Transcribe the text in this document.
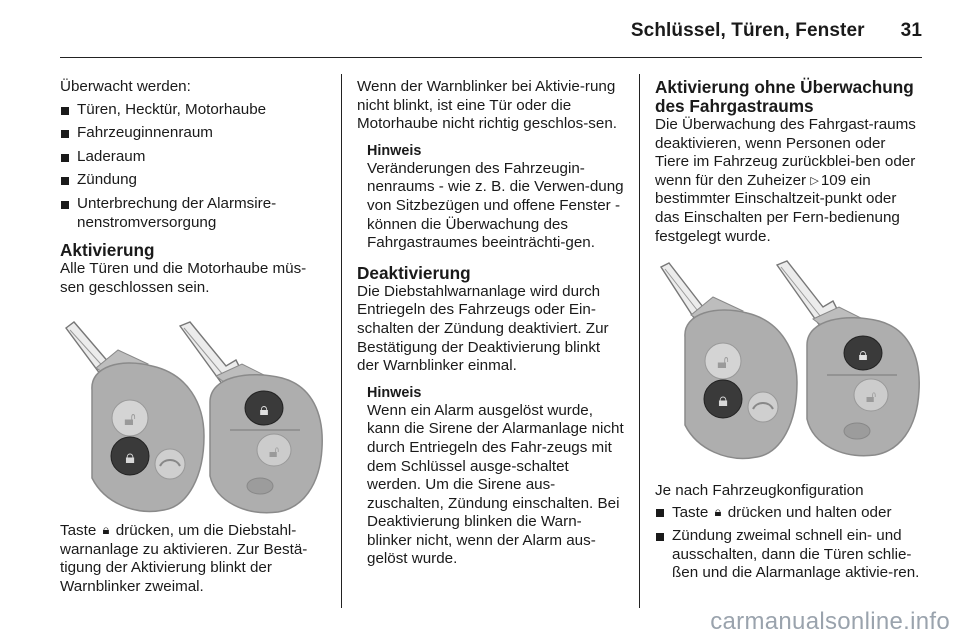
Schlüssel, Türen, Fenster 31

Überwacht werden:

Türen, Hecktür, Motorhaube
Fahrzeuginnenraum
Laderaum
Zündung
Unterbrechung der Alarmsire-nenstromversorgung
Aktivierung

Alle Türen und die Motorhaube müs-sen geschlossen sein.

🔓︎
🔒︎
🔒︎
🔓︎
Taste 🔒︎ drücken, um die Diebstahl-warnanlage zu aktivieren. Zur Bestä-tigung der Aktivierung blinkt der Warnblinker zweimal.

Wenn der Warnblinker bei Aktivie-rung nicht blinkt, ist eine Tür oder die Motorhaube nicht richtig geschlos-sen.

Hinweis

Veränderungen des Fahrzeugin-nenraums - wie z. B. die Verwen-dung von Sitzbezügen und offene Fenster - können die Überwachung des Fahrgastraumes beeinträchti-gen.

Deaktivierung

Die Diebstahlwarnanlage wird durch Entriegeln des Fahrzeugs oder Ein-schalten der Zündung deaktiviert. Zur Bestätigung der Deaktivierung blinkt der Warnblinker einmal.

Hinweis

Wenn ein Alarm ausgelöst wurde, kann die Sirene der Alarmanlage nicht durch Entriegeln des Fahr-zeugs mit dem Schlüssel ausge-schaltet werden. Um die Sirene aus-zuschalten, Zündung einschalten. Bei Deaktivierung blinken die Warn-blinker nicht, wenn der Alarm aus-gelöst wurde.

Aktivierung ohne Überwachung des Fahrgastraums

Die Überwachung des Fahrgast-raums deaktivieren, wenn Personen oder Tiere im Fahrzeug zurückblei-ben oder wenn für den Zuheizer ▷ 109 ein bestimmter Einschaltzeit-punkt oder das Einschalten per Fern-bedienung festgelegt wurde.

🔓︎
🔒︎
🔒︎
🔓︎

Je nach Fahrzeugkonfiguration

Taste 🔒︎ drücken und halten oder
Zündung zweimal schnell ein- und ausschalten, dann die Türen schlie-ßen und die Alarmanlage aktivie-ren.
carmanualsonline.info
